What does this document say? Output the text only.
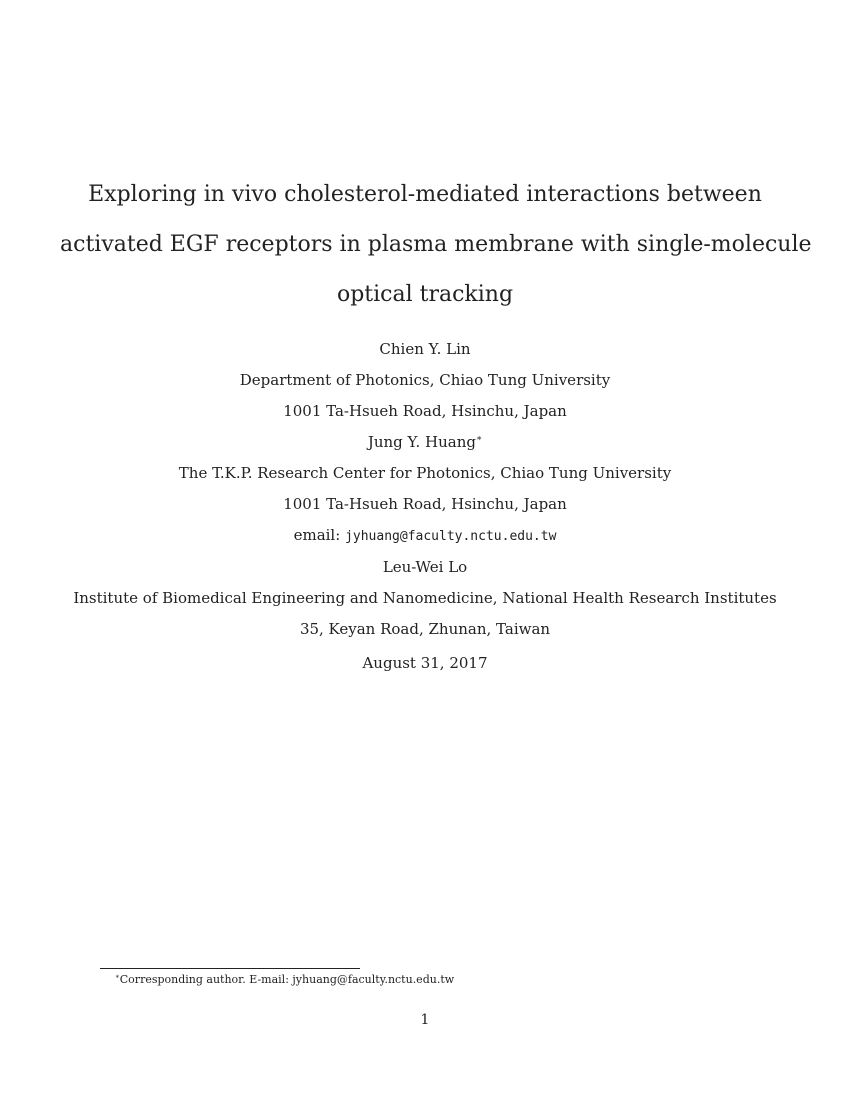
Exploring in vivo cholesterol-mediated interactions between
activated EGF receptors in plasma membrane with single-molecule
optical tracking
Chien Y. Lin
Department of Photonics, Chiao Tung University
1001 Ta-Hsueh Road, Hsinchu, Japan
Jung Y. Huang∗
The T.K.P. Research Center for Photonics, Chiao Tung University
1001 Ta-Hsueh Road, Hsinchu, Japan
email: jyhuang@faculty.nctu.edu.tw
Leu-Wei Lo
Institute of Biomedical Engineering and Nanomedicine, National Health Research Institutes
35, Keyan Road, Zhunan, Taiwan
August 31, 2017
∗Corresponding author. E-mail: jyhuang@faculty.nctu.edu.tw
1
